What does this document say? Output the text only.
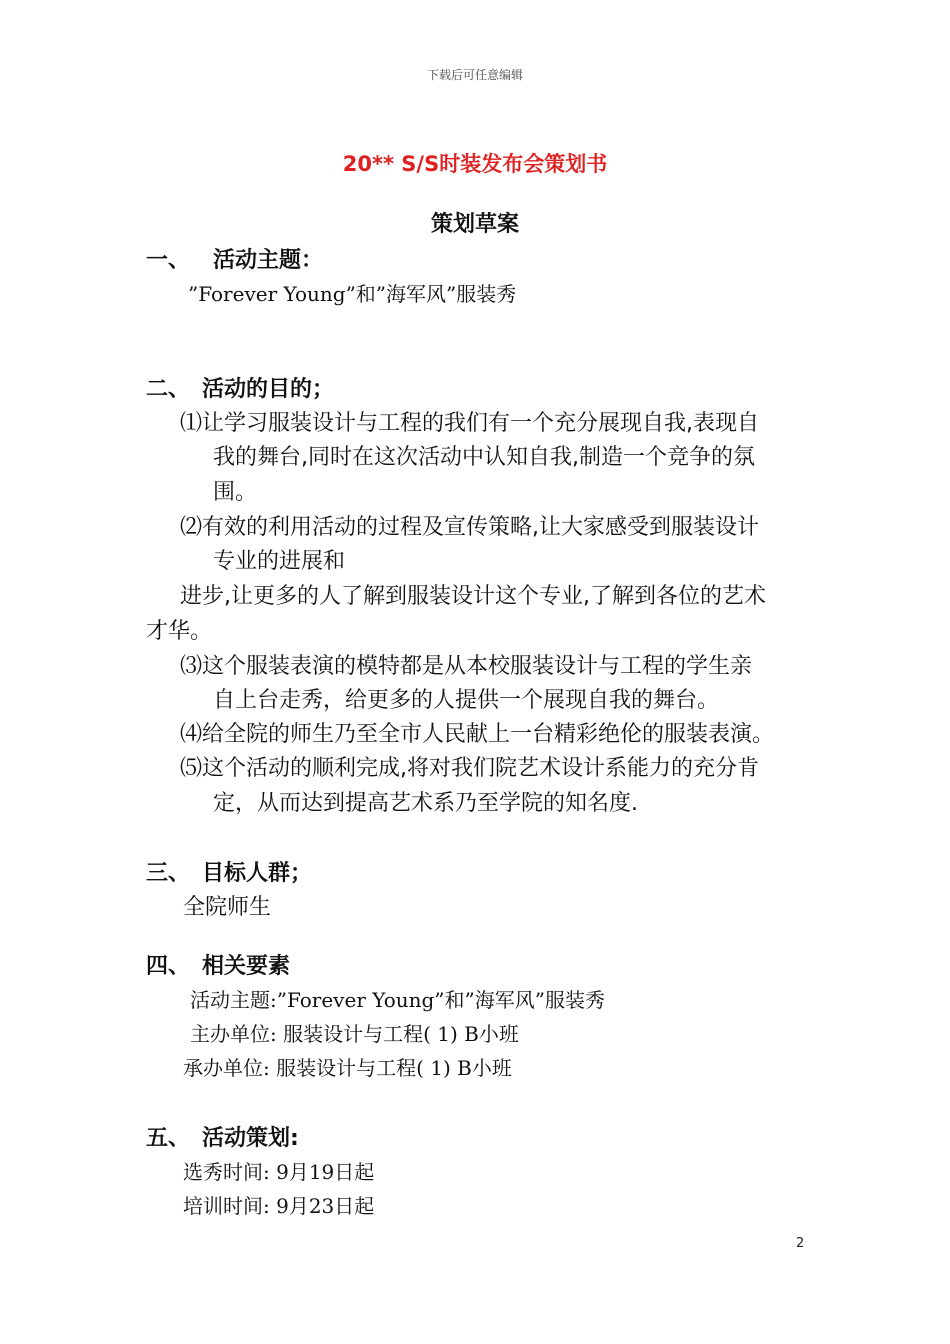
下载后可任意编辑
20** S/S时装发布会策划书
策划草案
一、 活动主题：
”Forever Young”和”海军风”服装秀
二、 活动的目的；
⑴让学习服装设计与工程的我们有一个充分展现自我,表现自
我的舞台,同时在这次活动中认知自我,制造一个竞争的氛
围。
⑵有效的利用活动的过程及宣传策略,让大家感受到服装设计
专业的进展和
进步,让更多的人了解到服装设计这个专业,了解到各位的艺术
才华。
⑶这个服装表演的模特都是从本校服装设计与工程的学生亲
自上台走秀，给更多的人提供一个展现自我的舞台。
⑷给全院的师生乃至全市人民献上一台精彩绝伦的服装表演。
⑸这个活动的顺利完成,将对我们院艺术设计系能力的充分肯
定，从而达到提高艺术系乃至学院的知名度.
三、 目标人群；
全院师生
四、 相关要素
活动主题:”Forever Young”和”海军风”服装秀
主办单位: 服装设计与工程( 1) B小班
承办单位: 服装设计与工程( 1) B小班
五、 活动策划:
选秀时间: 9月19日起
培训时间: 9月23日起
2
